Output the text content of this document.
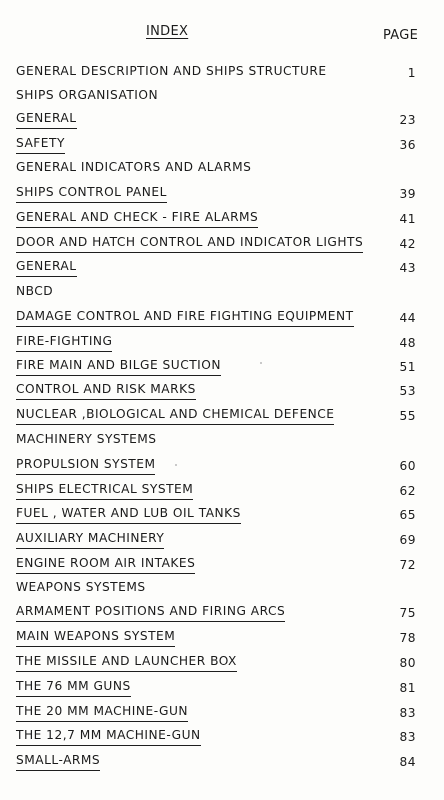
INDEX	PAGE
GENERAL DESCRIPTION AND SHIPS STRUCTURE	1
SHIPS ORGANISATION
GENERAL	23
SAFETY	36
GENERAL INDICATORS AND ALARMS
SHIPS CONTROL PANEL	39
GENERAL AND CHECK - FIRE ALARMS	41
DOOR AND HATCH CONTROL AND INDICATOR LIGHTS	42
GENERAL	43
NBCD
DAMAGE CONTROL AND FIRE FIGHTING EQUIPMENT	44
FIRE-FIGHTING	48
FIRE MAIN AND BILGE SUCTION	51
CONTROL AND RISK MARKS	53
NUCLEAR ,BIOLOGICAL AND CHEMICAL DEFENCE	55
MACHINERY SYSTEMS
PROPULSION SYSTEM	60
SHIPS ELECTRICAL SYSTEM	62
FUEL , WATER AND LUB OIL TANKS	65
AUXILIARY MACHINERY	69
ENGINE ROOM AIR INTAKES	72
WEAPONS SYSTEMS
ARMAMENT POSITIONS AND FIRING ARCS	75
MAIN WEAPONS SYSTEM	78
THE MISSILE AND LAUNCHER BOX	80
THE 76 MM GUNS	81
THE 20 MM MACHINE-GUN	83
THE 12,7 MM MACHINE-GUN	83
SMALL-ARMS	84
